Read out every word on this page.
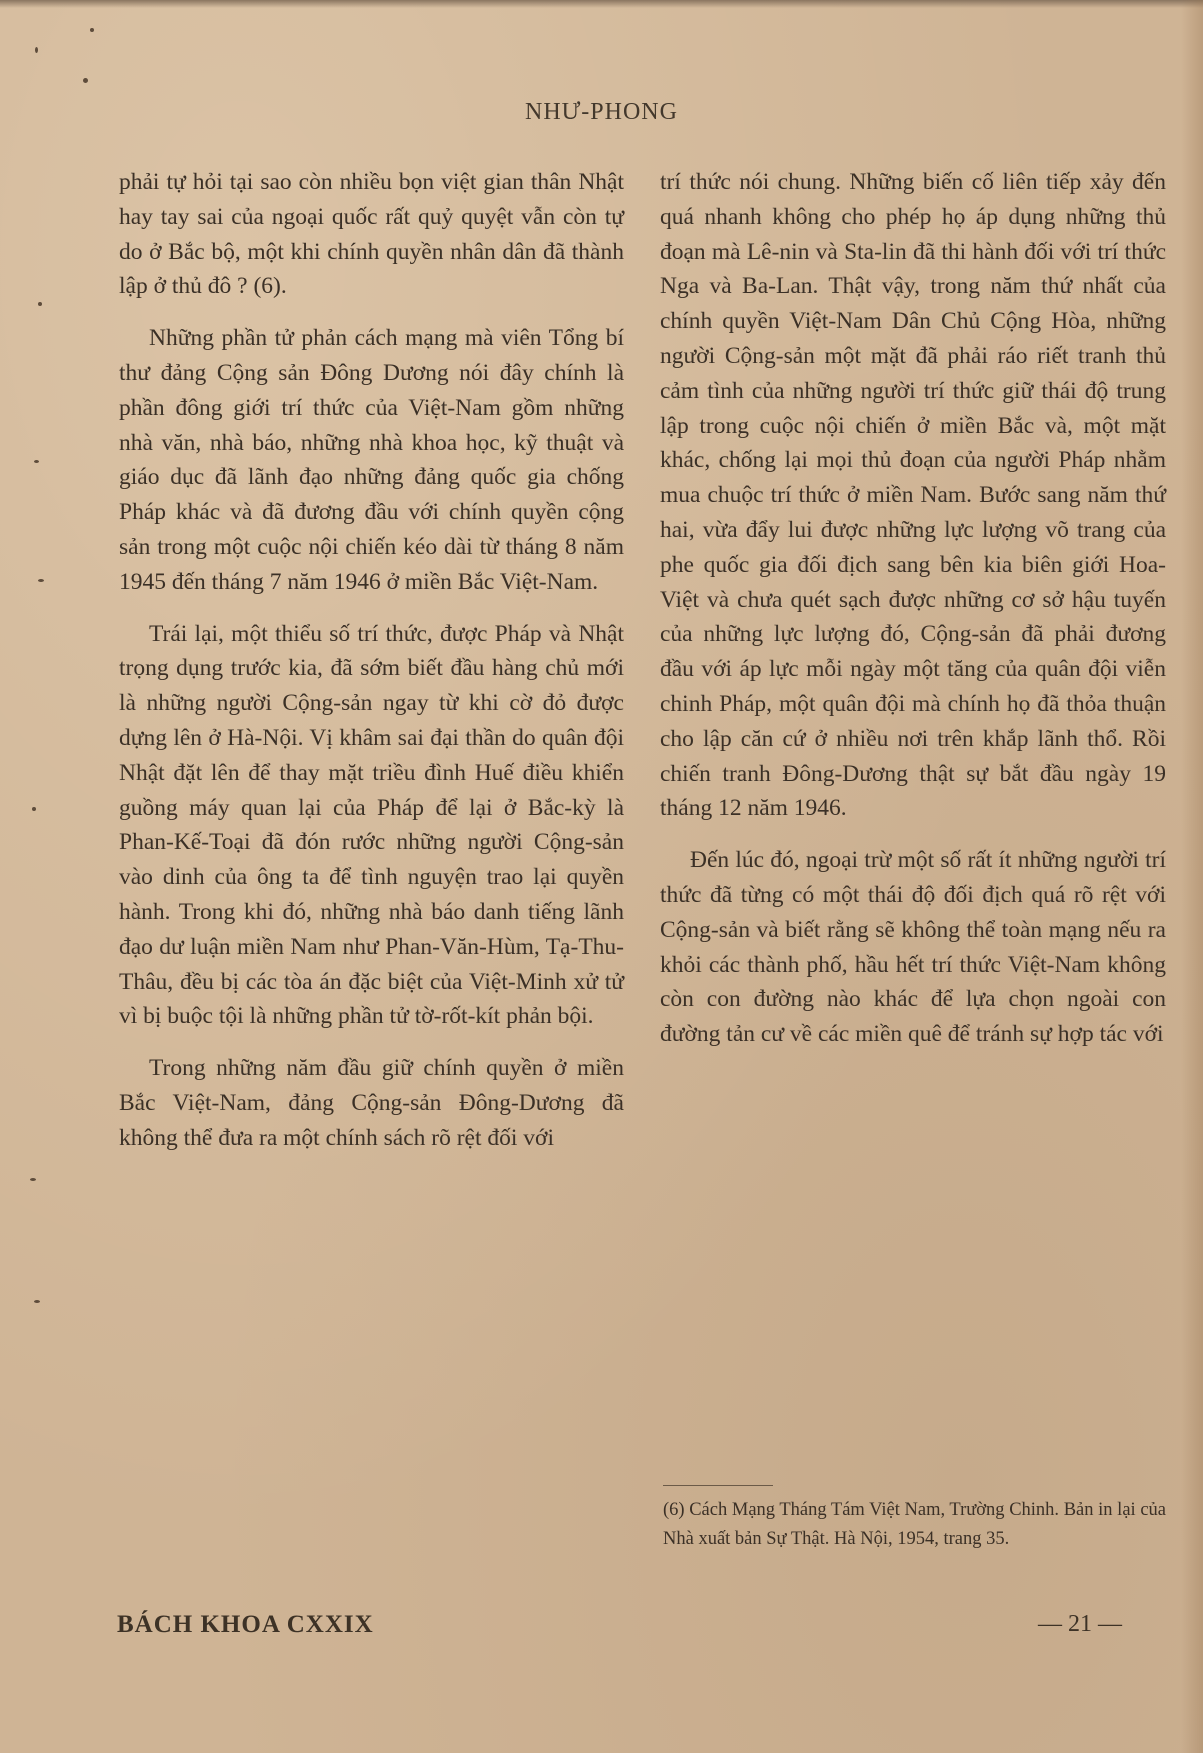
NHƯ-PHONG

phải tự hỏi tại sao còn nhiều bọn việt gian thân Nhật hay tay sai của ngoại quốc rất quỷ quyệt vẫn còn tự do ở Bắc bộ, một khi chính quyền nhân dân đã thành lập ở thủ đô ? (6).

Những phần tử phản cách mạng mà viên Tổng bí thư đảng Cộng sản Đông Dương nói đây chính là phần đông giới trí thức của Việt-Nam gồm những nhà văn, nhà báo, những nhà khoa học, kỹ thuật và giáo dục đã lãnh đạo những đảng quốc gia chống Pháp khác và đã đương đầu với chính quyền cộng sản trong một cuộc nội chiến kéo dài từ tháng 8 năm 1945 đến tháng 7 năm 1946 ở miền Bắc Việt-Nam.

Trái lại, một thiểu số trí thức, được Pháp và Nhật trọng dụng trước kia, đã sớm biết đầu hàng chủ mới là những người Cộng-sản ngay từ khi cờ đỏ được dựng lên ở Hà-Nội. Vị khâm sai đại thần do quân đội Nhật đặt lên để thay mặt triều đình Huế điều khiển guồng máy quan lại của Pháp để lại ở Bắc-kỳ là Phan-Kế-Toại đã đón rước những người Cộng-sản vào dinh của ông ta để tình nguyện trao lại quyền hành. Trong khi đó, những nhà báo danh tiếng lãnh đạo dư luận miền Nam như Phan-Văn-Hùm, Tạ-Thu-Thâu, đều bị các tòa án đặc biệt của Việt-Minh xử tử vì bị buộc tội là những phần tử tờ-rốt-kít phản bội.

Trong những năm đầu giữ chính quyền ở miền Bắc Việt-Nam, đảng Cộng-sản Đông-Dương đã không thể đưa ra một chính sách rõ rệt đối với

trí thức nói chung. Những biến cố liên tiếp xảy đến quá nhanh không cho phép họ áp dụng những thủ đoạn mà Lê-nin và Sta-lin đã thi hành đối với trí thức Nga và Ba-Lan. Thật vậy, trong năm thứ nhất của chính quyền Việt-Nam Dân Chủ Cộng Hòa, những người Cộng-sản một mặt đã phải ráo riết tranh thủ cảm tình của những người trí thức giữ thái độ trung lập trong cuộc nội chiến ở miền Bắc và, một mặt khác, chống lại mọi thủ đoạn của người Pháp nhằm mua chuộc trí thức ở miền Nam. Bước sang năm thứ hai, vừa đẩy lui được những lực lượng võ trang của phe quốc gia đối địch sang bên kia biên giới Hoa-Việt và chưa quét sạch được những cơ sở hậu tuyến của những lực lượng đó, Cộng-sản đã phải đương đầu với áp lực mỗi ngày một tăng của quân đội viễn chinh Pháp, một quân đội mà chính họ đã thỏa thuận cho lập căn cứ ở nhiều nơi trên khắp lãnh thổ. Rồi chiến tranh Đông-Dương thật sự bắt đầu ngày 19 tháng 12 năm 1946.

Đến lúc đó, ngoại trừ một số rất ít những người trí thức đã từng có một thái độ đối địch quá rõ rệt với Cộng-sản và biết rằng sẽ không thể toàn mạng nếu ra khỏi các thành phố, hầu hết trí thức Việt-Nam không còn con đường nào khác để lựa chọn ngoài con đường tản cư về các miền quê để tránh sự hợp tác với

(6) Cách Mạng Tháng Tám Việt Nam, Trường Chinh. Bản in lại của Nhà xuất bản Sự Thật. Hà Nội, 1954, trang 35.
BÁCH KHOA CXXIX	— 21 —
